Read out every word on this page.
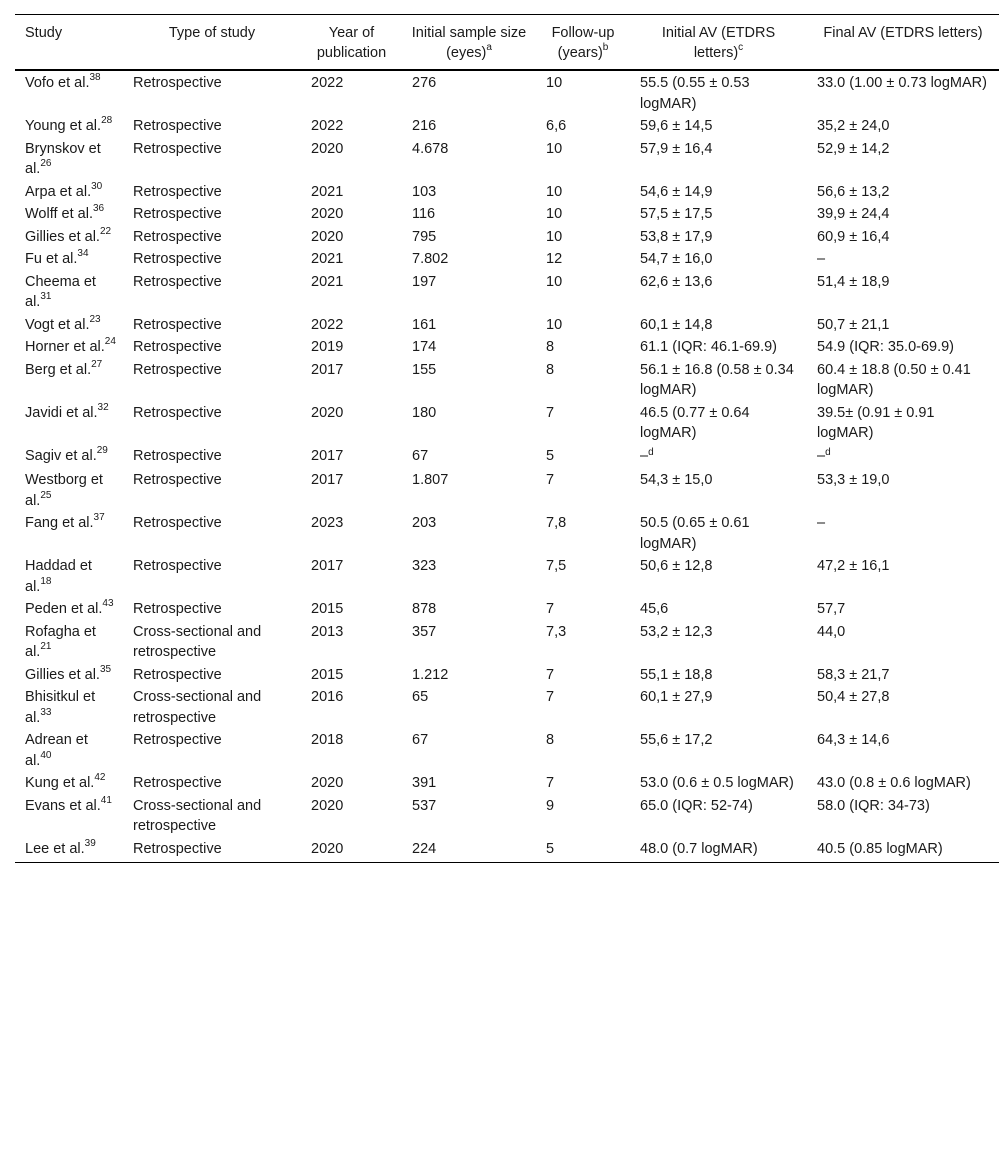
Study	Type of study	Year of publication	Initial sample size (eyes)$^a$	Follow-up (years)$^b$	Initial AV (ETDRS letters)$^c$	Final AV (ETDRS letters)
Vofo et al.$^{38}$	Retrospective	2022	276	10	55.5 (0.55 ± 0.53 logMAR)	33.0 (1.00 ± 0.73 logMAR)
Young et al.$^{28}$	Retrospective	2022	216	6,6	59,6 ± 14,5	35,2 ± 24,0
Brynskov et al.$^{26}$	Retrospective	2020	4.678	10	57,9 ± 16,4	52,9 ± 14,2
Arpa et al.$^{30}$	Retrospective	2021	103	10	54,6 ± 14,9	56,6 ± 13,2
Wolff et al.$^{36}$	Retrospective	2020	116	10	57,5 ± 17,5	39,9 ± 24,4
Gillies et al.$^{22}$	Retrospective	2020	795	10	53,8 ± 17,9	60,9 ± 16,4
Fu et al.$^{34}$	Retrospective	2021	7.802	12	54,7 ± 16,0	–
Cheema et al.$^{31}$	Retrospective	2021	197	10	62,6 ± 13,6	51,4 ± 18,9
Vogt et al.$^{23}$	Retrospective	2022	161	10	60,1 ± 14,8	50,7 ± 21,1
Horner et al.$^{24}$	Retrospective	2019	174	8	61.1 (IQR: 46.1-69.9)	54.9 (IQR: 35.0-69.9)
Berg et al.$^{27}$	Retrospective	2017	155	8	56.1 ± 16.8 (0.58 ± 0.34 logMAR)	60.4 ± 18.8 (0.50 ± 0.41 logMAR)
Javidi et al.$^{32}$	Retrospective	2020	180	7	46.5 (0.77 ± 0.64 logMAR)	39.5± (0.91 ± 0.91 logMAR)
Sagiv et al.$^{29}$	Retrospective	2017	67	5	–$^d$	–$^d$
Westborg et al.$^{25}$	Retrospective	2017	1.807	7	54,3 ± 15,0	53,3 ± 19,0
Fang et al.$^{37}$	Retrospective	2023	203	7,8	50.5 (0.65 ± 0.61 logMAR)	–
Haddad et al.$^{18}$	Retrospective	2017	323	7,5	50,6 ± 12,8	47,2 ± 16,1
Peden et al.$^{43}$	Retrospective	2015	878	7	45,6	57,7
Rofagha et al.$^{21}$	Cross-sectional and retrospective	2013	357	7,3	53,2 ± 12,3	44,0
Gillies et al.$^{35}$	Retrospective	2015	1.212	7	55,1 ± 18,8	58,3 ± 21,7
Bhisitkul et al.$^{33}$	Cross-sectional and retrospective	2016	65	7	60,1 ± 27,9	50,4 ± 27,8
Adrean et al.$^{40}$	Retrospective	2018	67	8	55,6 ± 17,2	64,3 ± 14,6
Kung et al.$^{42}$	Retrospective	2020	391	7	53.0 (0.6 ± 0.5 logMAR)	43.0 (0.8 ± 0.6 logMAR)
Evans et al.$^{41}$	Cross-sectional and retrospective	2020	537	9	65.0 (IQR: 52-74)	58.0 (IQR: 34-73)
Lee et al.$^{39}$	Retrospective	2020	224	5	48.0 (0.7 logMAR)	40.5 (0.85 logMAR)
